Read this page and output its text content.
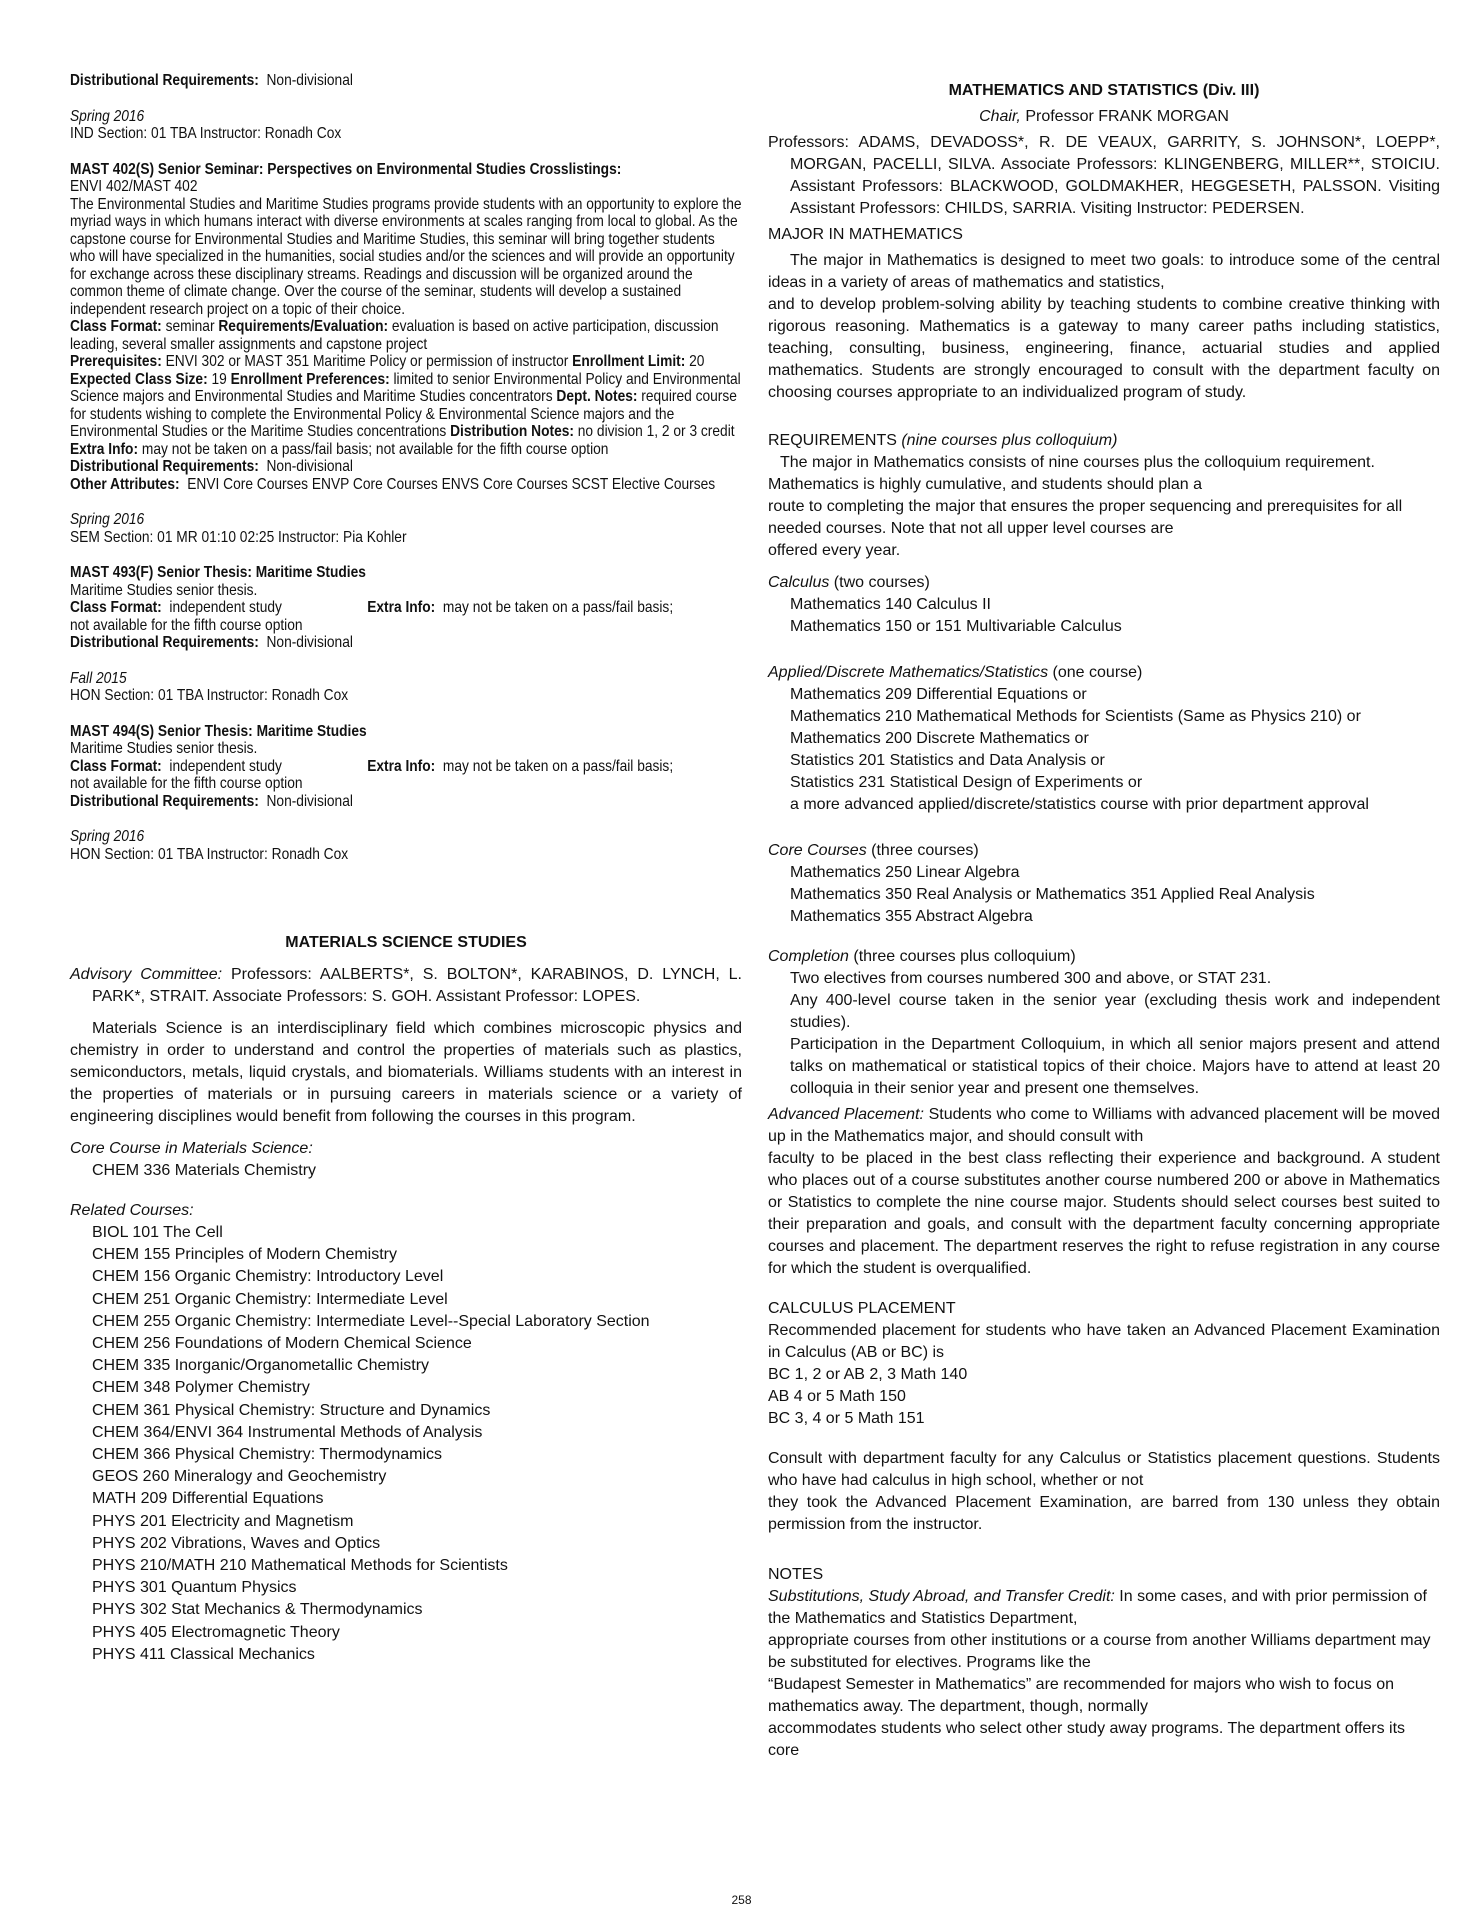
Distributional Requirements: Non-divisional

Spring 2016

IND Section: 01 TBA Instructor: Ronadh Cox

MAST 402(S) Senior Seminar: Perspectives on Environmental Studies Crosslistings:

ENVI 402/MAST 402

The Environmental Studies and Maritime Studies programs provide students with an opportunity to explore the myriad ways in which humans interact with diverse environments at scales ranging from local to global. As the capstone course for Environmental Studies and Maritime Studies, this seminar will bring together students who will have specialized in the humanities, social studies and/or the sciences and will provide an opportunity for exchange across these disciplinary streams. Readings and discussion will be organized around the common theme of climate change. Over the course of the seminar, students will develop a sustained independent research project on a topic of their choice.

Class Format: seminar Requirements/Evaluation: evaluation is based on active participation, discussion leading, several smaller assignments and capstone project
Prerequisites: ENVI 302 or MAST 351 Maritime Policy or permission of instructor Enrollment Limit: 20 Expected Class Size: 19 Enrollment Preferences: limited to senior Environmental Policy and Environmental Science majors and Environmental Studies and Maritime Studies concentrators Dept. Notes: required course for students wishing to complete the Environmental Policy & Environmental Science majors and the Environmental Studies or the Maritime Studies concentrations Distribution Notes: no division 1, 2 or 3 credit Extra Info: may not be taken on a pass/fail basis; not available for the fifth course option

Distributional Requirements: Non-divisional

Other Attributes: ENVI Core Courses ENVP Core Courses ENVS Core Courses SCST Elective Courses

Spring 2016

SEM Section: 01 MR 01:10 02:25 Instructor: Pia Kohler

MAST 493(F) Senior Thesis: Maritime Studies

Maritime Studies senior thesis.

Class Format: independent study	Extra Info: may not be taken on a pass/fail basis;

not available for the fifth course option

Distributional Requirements: Non-divisional

Fall 2015

HON Section: 01 TBA Instructor: Ronadh Cox

MAST 494(S) Senior Thesis: Maritime Studies

Maritime Studies senior thesis.

Class Format: independent study	Extra Info: may not be taken on a pass/fail basis;

not available for the fifth course option

Distributional Requirements: Non-divisional

Spring 2016

HON Section: 01 TBA Instructor: Ronadh Cox

MATERIALS SCIENCE STUDIES

Advisory Committee: Professors: AALBERTS*, S. BOLTON*, KARABINOS, D. LYNCH, L. PARK*, STRAIT. Associate Professors: S. GOH. Assistant Professor: LOPES.

Materials Science is an interdisciplinary field which combines microscopic physics and chemistry in order to understand and control the properties of materials such as plastics, semiconductors, metals, liquid crystals, and biomaterials. Williams students with an interest in the properties of materials or in pursuing careers in materials science or a variety of engineering disciplines would benefit from following the courses in this program.

Core Course in Materials Science:

CHEM 336 Materials Chemistry

Related Courses:

BIOL 101 The Cell

CHEM 155 Principles of Modern Chemistry

CHEM 156 Organic Chemistry: Introductory Level

CHEM 251 Organic Chemistry: Intermediate Level

CHEM 255 Organic Chemistry: Intermediate Level--Special Laboratory Section

CHEM 256 Foundations of Modern Chemical Science

CHEM 335 Inorganic/Organometallic Chemistry

CHEM 348 Polymer Chemistry

CHEM 361 Physical Chemistry: Structure and Dynamics

CHEM 364/ENVI 364 Instrumental Methods of Analysis

CHEM 366 Physical Chemistry: Thermodynamics

GEOS 260 Mineralogy and Geochemistry

MATH 209 Differential Equations

PHYS 201 Electricity and Magnetism

PHYS 202 Vibrations, Waves and Optics

PHYS 210/MATH 210 Mathematical Methods for Scientists

PHYS 301 Quantum Physics

PHYS 302 Stat Mechanics & Thermodynamics

PHYS 405 Electromagnetic Theory

PHYS 411 Classical Mechanics

MATHEMATICS AND STATISTICS (Div. III)

Chair, Professor FRANK MORGAN

Professors: ADAMS, DEVADOSS*, R. DE VEAUX, GARRITY, S. JOHNSON*, LOEPP*, MORGAN, PACELLI, SILVA. Associate Professors: KLINGENBERG, MILLER**, STOICIU. Assistant Professors: BLACKWOOD, GOLDMAKHER, HEGGESETH, PALSSON. Visiting Assistant Professors: CHILDS, SARRIA. Visiting Instructor: PEDERSEN.

MAJOR IN MATHEMATICS

The major in Mathematics is designed to meet two goals: to introduce some of the central ideas in a variety of areas of mathematics and statistics,

and to develop problem-solving ability by teaching students to combine creative thinking with rigorous reasoning. Mathematics is a gateway to many career paths including statistics, teaching, consulting, business, engineering, finance, actuarial studies and applied mathematics. Students are strongly encouraged to consult with the department faculty on choosing courses appropriate to an individualized program of study.

REQUIREMENTS (nine courses plus colloquium)

The major in Mathematics consists of nine courses plus the colloquium requirement.

Mathematics is highly cumulative, and students should plan a

route to completing the major that ensures the proper sequencing and prerequisites for all

needed courses. Note that not all upper level courses are

offered every year.

Calculus (two courses)

Mathematics 140 Calculus II

Mathematics 150 or 151 Multivariable Calculus

Applied/Discrete Mathematics/Statistics (one course)

Mathematics 209 Differential Equations or

Mathematics 210 Mathematical Methods for Scientists (Same as Physics 210) or

Mathematics 200 Discrete Mathematics or

Statistics 201 Statistics and Data Analysis or

Statistics 231 Statistical Design of Experiments or

a more advanced applied/discrete/statistics course with prior department approval

Core Courses (three courses)

Mathematics 250 Linear Algebra

Mathematics 350 Real Analysis or Mathematics 351 Applied Real Analysis

Mathematics 355 Abstract Algebra

Completion (three courses plus colloquium)

Two electives from courses numbered 300 and above, or STAT 231.

Any 400-level course taken in the senior year (excluding thesis work and independent studies).

Participation in the Department Colloquium, in which all senior majors present and attend talks on mathematical or statistical topics of their choice. Majors have to attend at least 20 colloquia in their senior year and present one themselves.

Advanced Placement: Students who come to Williams with advanced placement will be moved up in the Mathematics major, and should consult with

faculty to be placed in the best class reflecting their experience and background. A student who places out of a course substitutes another course numbered 200 or above in Mathematics or Statistics to complete the nine course major. Students should select courses best suited to their preparation and goals, and consult with the department faculty concerning appropriate courses and placement. The department reserves the right to refuse registration in any course for which the student is overqualified.

CALCULUS PLACEMENT

Recommended placement for students who have taken an Advanced Placement Examination in Calculus (AB or BC) is

BC 1, 2 or AB 2, 3 Math 140

AB 4 or 5 Math 150

BC 3, 4 or 5 Math 151

Consult with department faculty for any Calculus or Statistics placement questions. Students who have had calculus in high school, whether or not

they took the Advanced Placement Examination, are barred from 130 unless they obtain permission from the instructor.

NOTES

Substitutions, Study Abroad, and Transfer Credit: In some cases, and with prior permission of the Mathematics and Statistics Department,

appropriate courses from other institutions or a course from another Williams department may be substituted for electives. Programs like the

“Budapest Semester in Mathematics” are recommended for majors who wish to focus on mathematics away. The department, though, normally

accommodates students who select other study away programs. The department offers its core

258
